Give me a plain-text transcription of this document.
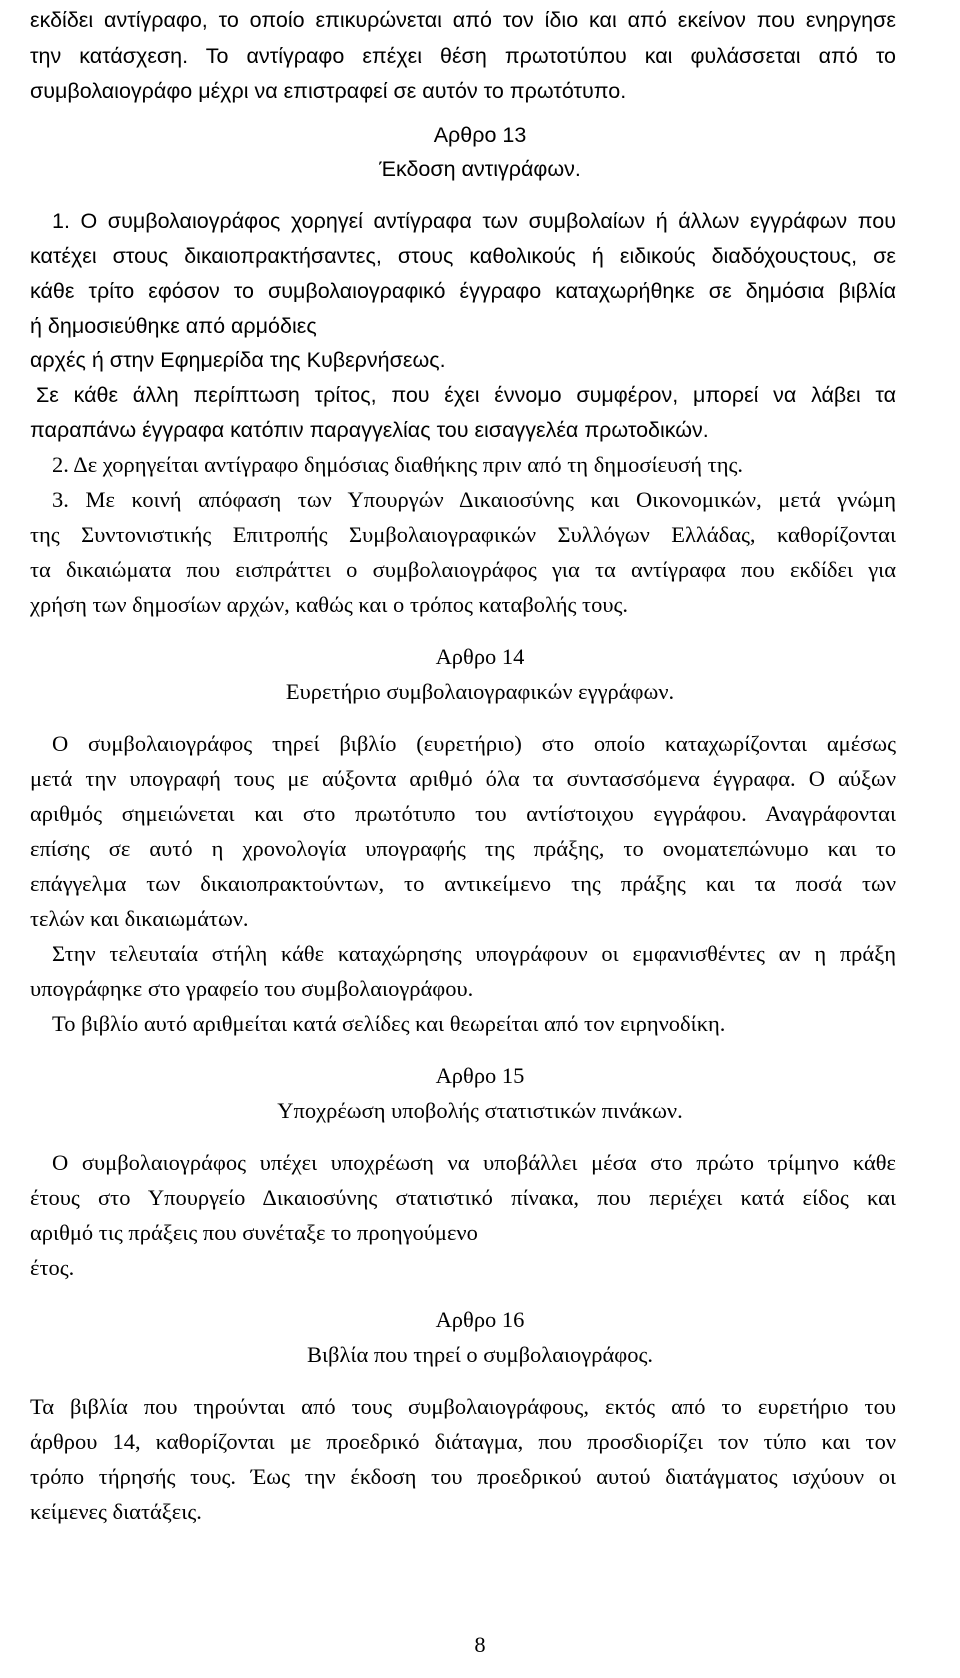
εκδίδει αντίγραφο, το οποίο επικυρώνεται από τον ίδιο και από εκείνον που ενηργησε

την κατάσχεση. Το αντίγραφο επέχει θέση πρωτοτύπου και φυλάσσεται από το

συμβολαιογράφο μέχρι να επιστραφεί σε αυτόν το πρωτότυπο.

Αρθρο 13

Έκδοση αντιγράφων.

1. Ο συμβολαιογράφος χορηγεί αντίγραφα των συμβολαίων ή άλλων εγγράφων που

κατέχει στους δικαιοπρακτήσαντες, στους καθολικούς ή ειδικούς διαδόχουςτους, σε

κάθε τρίτο εφόσον το συμβολαιογραφικό έγγραφο καταχωρήθηκε σε δημόσια βιβλία

ή δημοσιεύθηκε από αρμόδιες

αρχές ή στην Εφημερίδα της Κυβερνήσεως.

Σε κάθε άλλη περίπτωση τρίτος, που έχει έννομο συμφέρον, μπορεί να λάβει τα

παραπάνω έγγραφα κατόπιν παραγγελίας του εισαγγελέα πρωτοδικών.

2. Δε χορηγείται αντίγραφο δημόσιας διαθήκης πριν από τη δημοσίευσή της.

3. Με κοινή απόφαση των Υπουργών Δικαιοσύνης και Οικονομικών, μετά γνώμη

της Συντονιστικής Επιτροπής Συμβολαιογραφικών Συλλόγων Ελλάδας, καθορίζονται

τα δικαιώματα που εισπράττει ο συμβολαιογράφος για τα αντίγραφα που εκδίδει για

χρήση των δημοσίων αρχών, καθώς και ο τρόπος καταβολής τους.

Αρθρο 14

Ευρετήριο συμβολαιογραφικών εγγράφων.

Ο συμβολαιογράφος τηρεί βιβλίο (ευρετήριο) στο οποίο καταχωρίζονται αμέσως

μετά την υπογραφή τους με αύξοντα αριθμό όλα τα συντασσόμενα έγγραφα. Ο αύξων

αριθμός σημειώνεται και στο πρωτότυπο του αντίστοιχου εγγράφου. Αναγράφονται

επίσης σε αυτό η χρονολογία υπογραφής της πράξης, το ονοματεπώνυμο και το

επάγγελμα των δικαιοπρακτούντων, το αντικείμενο της πράξης και τα ποσά των

τελών και δικαιωμάτων.

Στην τελευταία στήλη κάθε καταχώρησης υπογράφουν οι εμφανισθέντες αν η πράξη

υπογράφηκε στο γραφείο του συμβολαιογράφου.

Το βιβλίο αυτό αριθμείται κατά σελίδες και θεωρείται από τον ειρηνοδίκη.

Αρθρο 15

Υποχρέωση υποβολής στατιστικών πινάκων.

Ο συμβολαιογράφος υπέχει υποχρέωση να υποβάλλει μέσα στο πρώτο τρίμηνο κάθε

έτους στο Υπουργείο Δικαιοσύνης στατιστικό πίνακα, που περιέχει κατά είδος και

αριθμό τις πράξεις που συνέταξε το προηγούμενο

έτος.

Αρθρο 16

Βιβλία που τηρεί ο συμβολαιογράφος.

Τα βιβλία που τηρούνται από τους συμβολαιογράφους, εκτός από το ευρετήριο του

άρθρου 14, καθορίζονται με προεδρικό διάταγμα, που προσδιορίζει τον τύπο και τον

τρόπο τήρησής τους. Έως την έκδοση του προεδρικού αυτού διατάγματος ισχύουν οι

κείμενες διατάξεις.

8
